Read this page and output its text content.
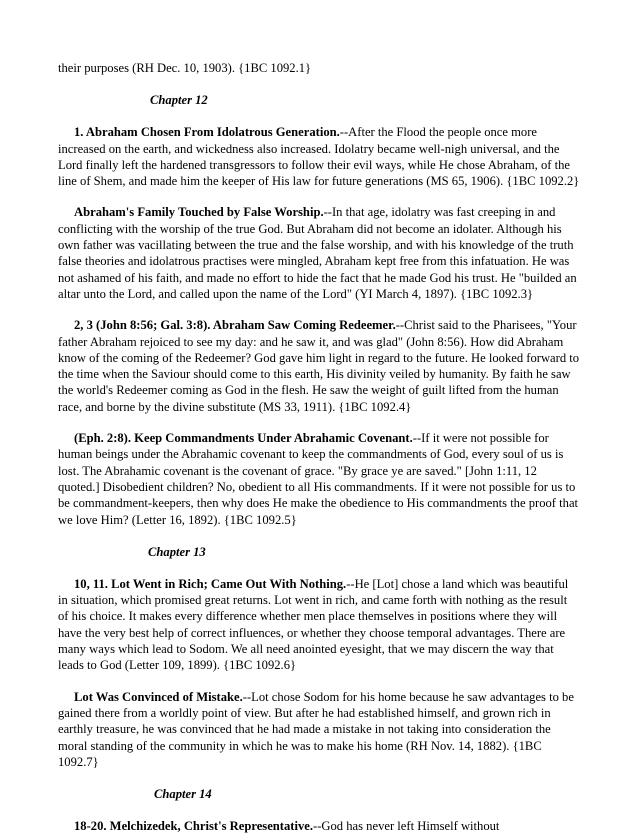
their purposes (RH Dec. 10, 1903). {1BC 1092.1}

Chapter 12

1. Abraham Chosen From Idolatrous Generation.--After the Flood the people once more increased on the earth, and wickedness also increased. Idolatry became well-nigh universal, and the Lord finally left the hardened transgressors to follow their evil ways, while He chose Abraham, of the line of Shem, and made him the keeper of His law for future generations (MS 65, 1906). {1BC 1092.2}

Abraham's Family Touched by False Worship.--In that age, idolatry was fast creeping in and conflicting with the worship of the true God. But Abraham did not become an idolater. Although his own father was vacillating between the true and the false worship, and with his knowledge of the truth false theories and idolatrous practises were mingled, Abraham kept free from this infatuation. He was not ashamed of his faith, and made no effort to hide the fact that he made God his trust. He "builded an altar unto the Lord, and called upon the name of the Lord" (YI March 4, 1897). {1BC 1092.3}

2, 3 (John 8:56; Gal. 3:8). Abraham Saw Coming Redeemer.--Christ said to the Pharisees, "Your father Abraham rejoiced to see my day: and he saw it, and was glad" (John 8:56). How did Abraham know of the coming of the Redeemer? God gave him light in regard to the future. He looked forward to the time when the Saviour should come to this earth, His divinity veiled by humanity. By faith he saw the world's Redeemer coming as God in the flesh. He saw the weight of guilt lifted from the human race, and borne by the divine substitute (MS 33, 1911). {1BC 1092.4}

(Eph. 2:8). Keep Commandments Under Abrahamic Covenant.--If it were not possible for human beings under the Abrahamic covenant to keep the commandments of God, every soul of us is lost. The Abrahamic covenant is the covenant of grace. "By grace ye are saved." [John 1:11, 12 quoted.] Disobedient children? No, obedient to all His commandments. If it were not possible for us to be commandment-keepers, then why does He make the obedience to His commandments the proof that we love Him? (Letter 16, 1892). {1BC 1092.5}

Chapter 13

10, 11. Lot Went in Rich; Came Out With Nothing.--He [Lot] chose a land which was beautiful in situation, which promised great returns. Lot went in rich, and came forth with nothing as the result of his choice. It makes every difference whether men place themselves in positions where they will have the very best help of correct influences, or whether they choose temporal advantages. There are many ways which lead to Sodom. We all need anointed eyesight, that we may discern the way that leads to God (Letter 109, 1899). {1BC 1092.6}

Lot Was Convinced of Mistake.--Lot chose Sodom for his home because he saw advantages to be gained there from a worldly point of view. But after he had established himself, and grown rich in earthly treasure, he was convinced that he had made a mistake in not taking into consideration the moral standing of the community in which he was to make his home (RH Nov. 14, 1882). {1BC 1092.7}

Chapter 14

18-20. Melchizedek, Christ's Representative.--God has never left Himself without
